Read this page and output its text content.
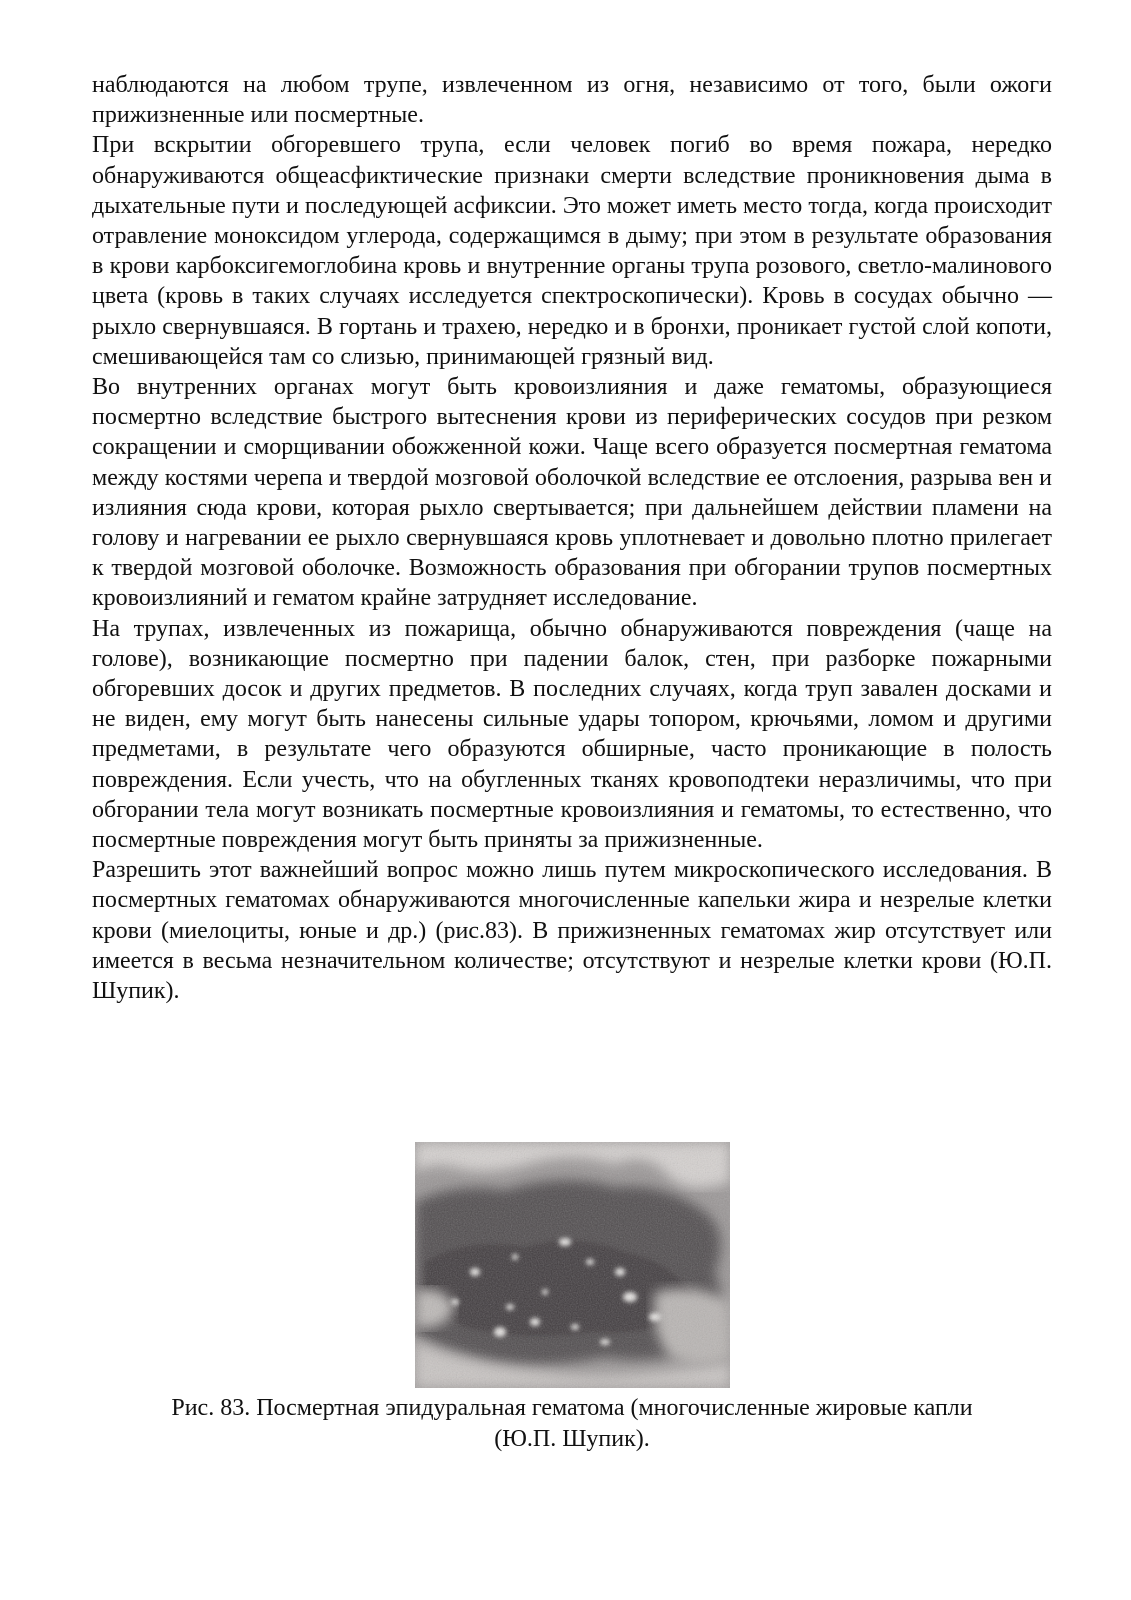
наблюдаются на любом трупе, извлеченном из огня, независимо от того, были ожоги прижизненные или посмертные.

При вскрытии обгоревшего трупа, если человек погиб во время пожара, нередко обнаруживаются общеасфиктические признаки смерти вследствие проникновения дыма в дыхательные пути и последующей асфиксии. Это может иметь место тогда, когда происходит отравление моноксидом углерода, содержащимся в дыму; при этом в результате образования в крови карбоксигемоглобина кровь и внутренние органы трупа розового, светло-малинового цвета (кровь в таких случаях исследуется спектроскопически). Кровь в сосудах обычно — рыхло свернувшаяся. В гортань и трахею, нередко и в бронхи, проникает густой слой копоти, смешивающейся там со слизью, принимающей грязный вид.

Во внутренних органах могут быть кровоизлияния и даже гематомы, образующиеся посмертно вследствие быстрого вытеснения крови из периферических сосудов при резком сокращении и сморщивании обожженной кожи. Чаще всего образуется посмертная гематома между костями черепа и твердой мозговой оболочкой вследствие ее отслоения, разрыва вен и излияния сюда крови, которая рыхло свертывается; при дальнейшем действии пламени на голову и нагревании ее рыхло свернувшаяся кровь уплотневает и довольно плотно прилегает к твердой мозговой оболочке. Возможность образования при обгорании трупов посмертных кровоизлияний и гематом крайне затрудняет исследование.

На трупах, извлеченных из пожарища, обычно обнаруживаются повреждения (чаще на голове), возникающие посмертно при падении балок, стен, при разборке пожарными обгоревших досок и других предметов. В последних случаях, когда труп завален досками и не виден, ему могут быть нанесены сильные удары топором, крючьями, ломом и другими предметами, в результате чего образуются обширные, часто проникающие в полость повреждения. Если учесть, что на обугленных тканях кровоподтеки неразличимы, что при обгорании тела могут возникать посмертные кровоизлияния и гематомы, то естественно, что посмертные повреждения могут быть приняты за прижизненные.

Разрешить этот важнейший вопрос можно лишь путем микроскопического исследования. В посмертных гематомах обнаруживаются многочисленные капельки жира и незрелые клетки крови (миелоциты, юные и др.) (рис.83). В прижизненных гематомах жир отсутствует или имеется в весьма незначительном количестве; отсутствуют и незрелые клетки крови (Ю.П. Шупик).

Рис. 83. Посмертная эпидуральная гематома (многочисленные жировые капли
(Ю.П. Шупик).
